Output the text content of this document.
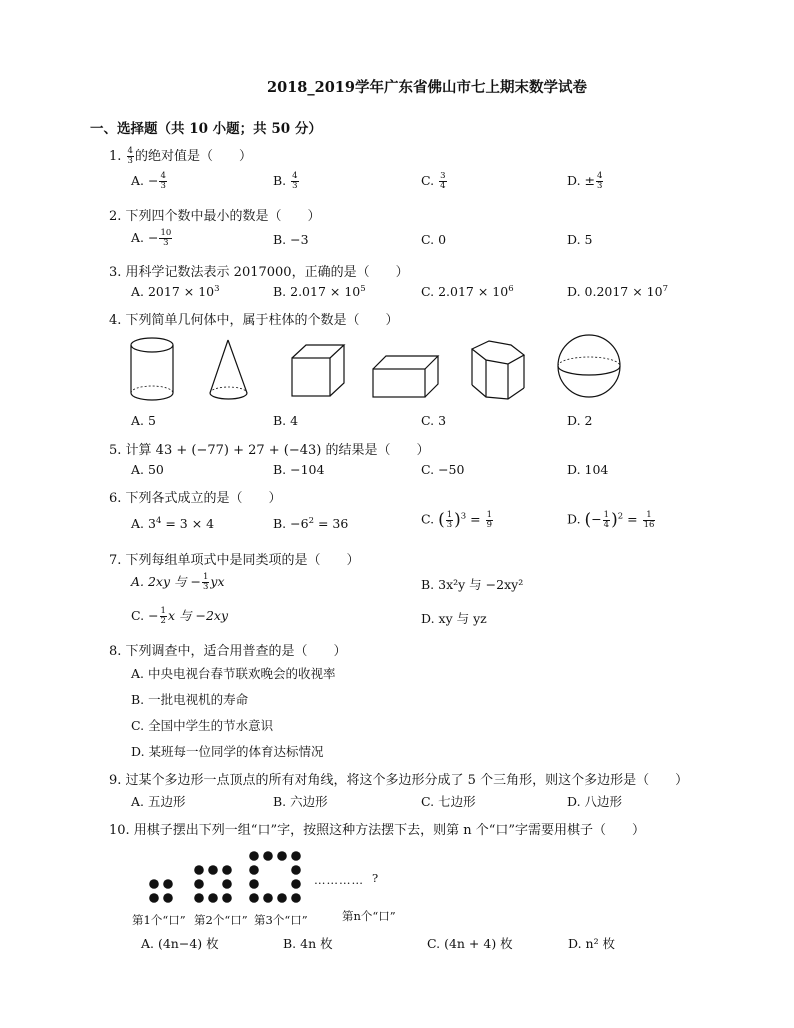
2018_2019学年广东省佛山市七上期末数学试卷
一、选择题（共 10 小题；共 50 分）
1. $\frac{4}{3}$ 的绝对值是（　　）
A. − $\frac{4}{3}$	B. $\frac{4}{3}$	C. $\frac{3}{4}$	D. ± $\frac{4}{3}$
2. 下列四个数中最小的数是（　　）
A. − $\frac{10}{3}$	B. −3	C. 0	D. 5
3. 用科学记数法表示 2017000，正确的是（　　）
A. $2017 \times 10^3$	B. $2.017 \times 10^5$	C. $2.017 \times 10^6$	D. $0.2017 \times 10^7$
4. 下列简单几何体中，属于柱体的个数是（　　）
A. 5	B. 4	C. 3	D. 2
5. 计算 43 + (−77) + 27 + (−43) 的结果是（　　）
A. 50	B. −104	C. −50	D. 104
6. 下列各式成立的是（　　）
A. $3^4 = 3 \times 4$	B. $-6^2 = 36$	C. ( $\frac{1}{3} )^3 = \frac{1}{9}$	D. (− $\frac{1}{4} )^2 = \frac{1}{16}$
7. 下列每组单项式中是同类项的是（　　）
A. 2xy 与 − $\frac{1}{3}$ yx	B. 3x²y 与 −2xy²
C. − $\frac{1}{2}$ x 与 −2xy	D. xy 与 yz
8. 下列调查中，适合用普查的是（　　）
A. 中央电视台春节联欢晚会的收视率
B. 一批电视机的寿命
C. 全国中学生的节水意识
D. 某班每一位同学的体育达标情况
9. 过某个多边形一点顶点的所有对角线，将这个多边形分成了 5 个三角形，则这个多边形是（　　）
A. 五边形	B. 六边形	C. 七边形	D. 八边形
10. 用棋子摆出下列一组“口”字，按照这种方法摆下去，则第 n 个“口”字需要用棋子（　　）
………… ?
第1个“口” 第2个“口” 第3个“口”	第n个“口”
A. (4n−4) 枚	B. 4n 枚	C. (4n + 4) 枚	D. n² 枚
